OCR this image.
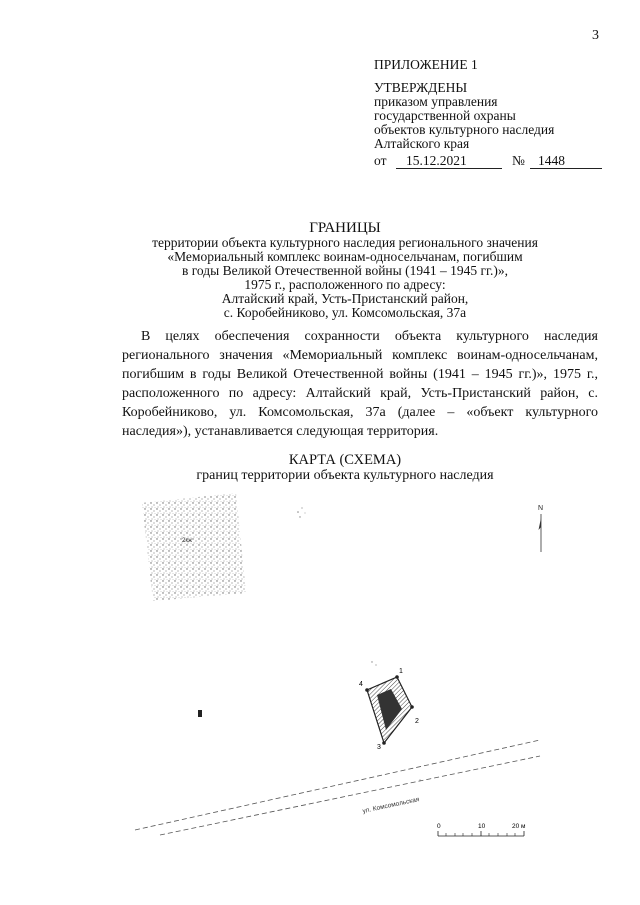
3
ПРИЛОЖЕНИЕ 1
УТВЕРЖДЕНЫ
приказом управления
государственной охраны
объектов культурного наследия
Алтайского края
от 15.12.2021	№ 1448
ГРАНИЦЫ
территории объекта культурного наследия регионального значения
«Мемориальный комплекс воинам-односельчанам, погибшим
в годы Великой Отечественной войны (1941 – 1945 гг.)»,
1975 г., расположенного по адресу:
Алтайский край, Усть-Пристанский район,
с. Коробейниково, ул. Комсомольская, 37а
В целях обеспечения сохранности объекта культурного наследия регионального значения «Мемориальный комплекс воинам-односельчанам, погибшим в годы Великой Отечественной войны (1941 – 1945 гг.)», 1975 г., расположенного по адресу: Алтайский край, Усть-Пристанский район, с. Коробейниково, ул. Комсомольская, 37а (далее – «объект культурного наследия»), устанавливается следующая территория.
КАРТА (СХЕМА)
границ территории объекта культурного наследия
2кж
N
1
2
3
4
ул. Комсомольская
0	10	20 м
